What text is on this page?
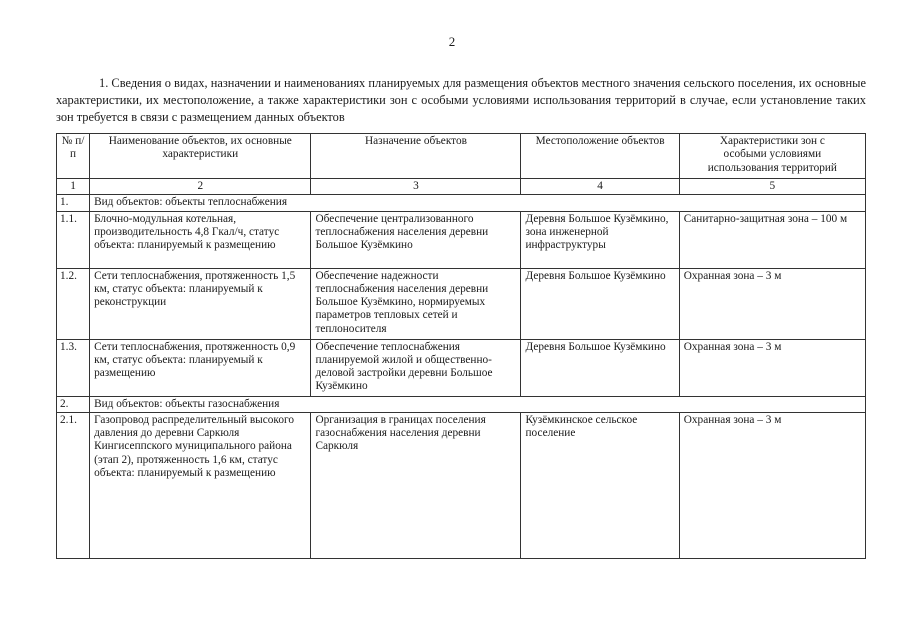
2

1. Сведения о видах, назначении и наименованиях планируемых для размещения объектов местного значения сельского поселения, их основные характеристики, их местоположение, а также характеристики зон с особыми условиями использования территорий в случае, если установление таких зон требуется в связи с размещением данных объектов

№ п/п	Наименование объектов, их основные характеристики	Назначение объектов	Местоположение объектов	Характеристики зон с особыми условиями использования территорий
1	2	3	4	5
1.	Вид объектов: объекты теплоснабжения			
1.1.	Блочно-модульная котельная, производительность 4,8 Гкал/ч, статус объекта: планируемый к размещению	Обеспечение централизованного теплоснабжения населения деревни Большое Кузёмкино	Деревня Большое Кузёмкино, зона инженерной инфраструктуры	Санитарно-защитная зона – 100 м
1.2.	Сети теплоснабжения, протяженность 1,5 км, статус объекта: планируемый к реконструкции	Обеспечение надежности теплоснабжения населения деревни Большое Кузёмкино, нормируемых параметров тепловых сетей и теплоносителя	Деревня Большое Кузёмкино	Охранная зона – 3 м
1.3.	Сети теплоснабжения, протяженность 0,9 км, статус объекта: планируемый к размещению	Обеспечение теплоснабжения планируемой жилой и общественно-деловой застройки деревни Большое Кузёмкино	Деревня Большое Кузёмкино	Охранная зона – 3 м
2.	Вид объектов: объекты газоснабжения			
2.1.	Газопровод распределительный высокого давления до деревни Саркюля Кингисеппского муниципального района (этап 2), протяженность 1,6 км, статус объекта: планируемый к размещению	Организация в границах поселения газоснабжения населения деревни Саркюля	Кузёмкинское сельское поселение	Охранная зона – 3 м
